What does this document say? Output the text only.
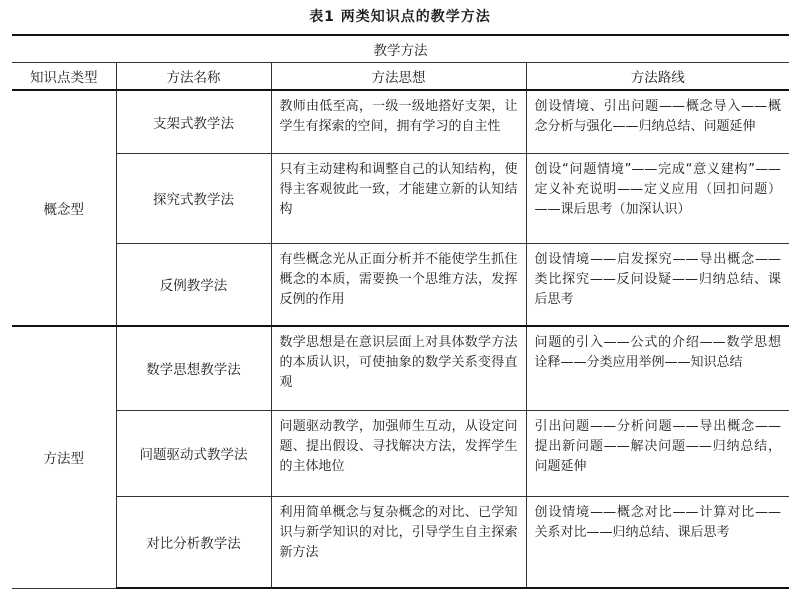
表1 两类知识点的教学方法
教学方法			
知识点类型	方法名称	方法思想	方法路线
概念型	支架式教学法	教师由低至高，一级一级地搭好支架，让学生有探索的空间，拥有学习的自主性	创设情境、引出问题——概念导入——概念分析与强化——归纳总结、问题延伸
	探究式教学法	只有主动建构和调整自己的认知结构，使得主客观彼此一致，才能建立新的认知结构	创设“问题情境”——完成“意义建构”——定义补充说明——定义应用（回扣问题）——课后思考（加深认识）
	反例教学法	有些概念光从正面分析并不能使学生抓住概念的本质，需要换一个思维方法，发挥反例的作用	创设情境——启发探究——导出概念——类比探究——反问设疑——归纳总结、课后思考
方法型	数学思想教学法	数学思想是在意识层面上对具体数学方法的本质认识，可使抽象的数学关系变得直观	问题的引入——公式的介绍——数学思想诠释——分类应用举例——知识总结
	问题驱动式教学法	问题驱动教学，加强师生互动，从设定问题、提出假设、寻找解决方法，发挥学生的主体地位	引出问题——分析问题——导出概念——提出新问题——解决问题——归纳总结，问题延伸
	对比分析教学法	利用简单概念与复杂概念的对比、已学知识与新学知识的对比，引导学生自主探索新方法	创设情境——概念对比——计算对比——关系对比——归纳总结、课后思考
